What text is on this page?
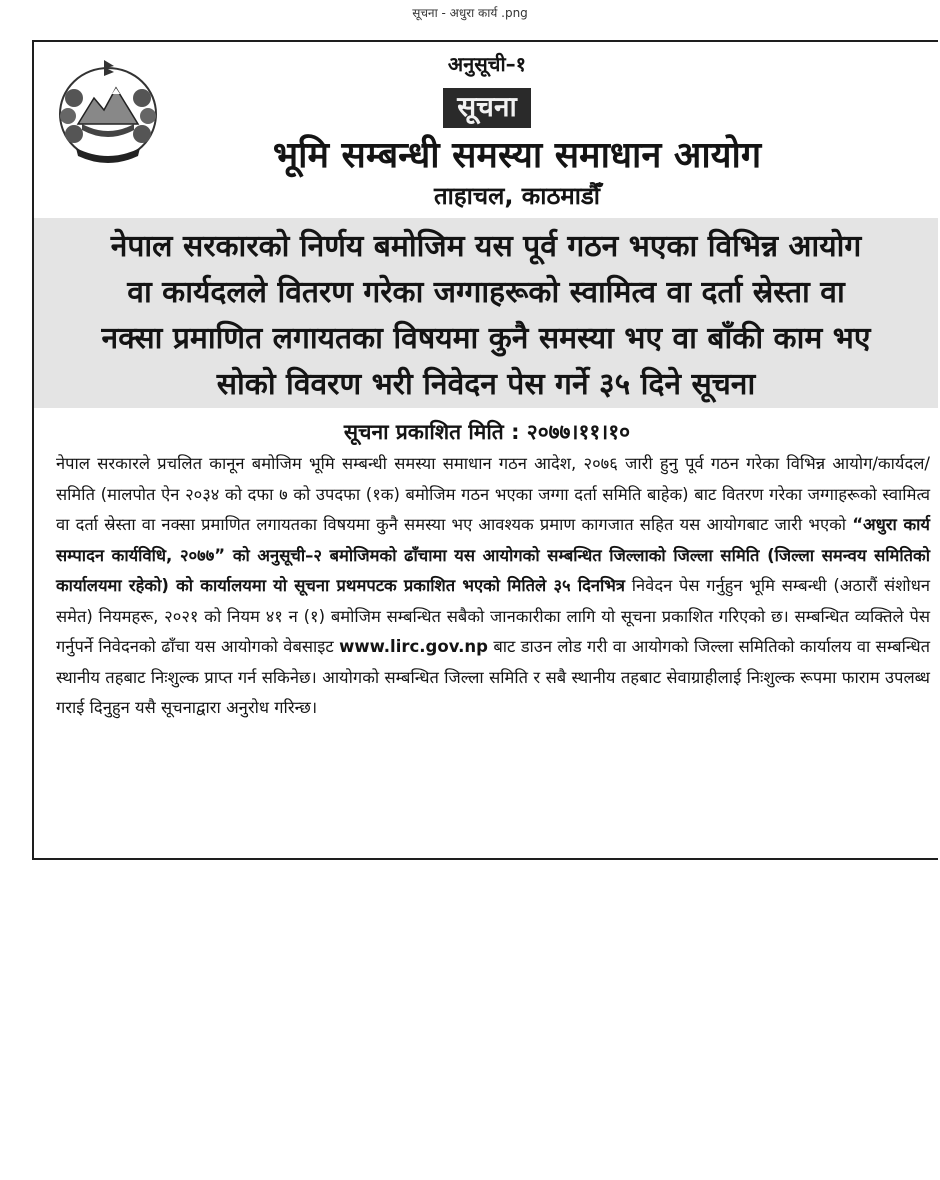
सूचना - अधुरा कार्य .png
अनुसूची–१
सूचना
भूमि सम्बन्धी समस्या समाधान आयोग
ताहाचल, काठमाडौँ
नेपाल सरकारको निर्णय बमोजिम यस पूर्व गठन भएका विभिन्न आयोग
वा कार्यदलले वितरण गरेका जग्गाहरूको स्वामित्व वा दर्ता स्रेस्ता वा
नक्सा प्रमाणित लगायतका विषयमा कुनै समस्या भए वा बाँकी काम भए
सोको विवरण भरी निवेदन पेस गर्ने ३५ दिने सूचना
सूचना प्रकाशित मिति : २०७७।११।१०
नेपाल सरकारले प्रचलित कानून बमोजिम भूमि सम्बन्धी समस्या समाधान गठन आदेश, २०७६ जारी हुनु पूर्व गठन गरेका विभिन्न आयोग/कार्यदल/समिति (मालपोत ऐन २०३४ को दफा ७ को उपदफा (१क) बमोजिम गठन भएका जग्गा दर्ता समिति बाहेक) बाट वितरण गरेका जग्गाहरूको स्वामित्व वा दर्ता स्रेस्ता वा नक्सा प्रमाणित लगायतका विषयमा कुनै समस्या भए आवश्यक प्रमाण कागजात सहित यस आयोगबाट जारी भएको “अधुरा कार्य सम्पादन कार्यविधि, २०७७” को अनुसूची–२ बमोजिमको ढाँचामा यस आयोगको सम्बन्धित जिल्लाको जिल्ला समिति (जिल्ला समन्वय समितिको कार्यालयमा रहेको) को कार्यालयमा यो सूचना प्रथमपटक प्रकाशित भएको मितिले ३५ दिनभित्र निवेदन पेस गर्नुहुन भूमि सम्बन्धी (अठारौं संशोधन समेत) नियमहरू, २०२१ को नियम ४१ न (१) बमोजिम सम्बन्धित सबैको जानकारीका लागि यो सूचना प्रकाशित गरिएको छ। सम्बन्धित व्यक्तिले पेस गर्नुपर्ने निवेदनको ढाँचा यस आयोगको वेबसाइट www.lirc.gov.np बाट डाउन लोड गरी वा आयोगको जिल्ला समितिको कार्यालय वा सम्बन्धित स्थानीय तहबाट निःशुल्क प्राप्त गर्न सकिनेछ। आयोगको सम्बन्धित जिल्ला समिति र सबै स्थानीय तहबाट सेवाग्राहीलाई निःशुल्क रूपमा फाराम उपलब्ध गराई दिनुहुन यसै सूचनाद्वारा अनुरोध गरिन्छ।
